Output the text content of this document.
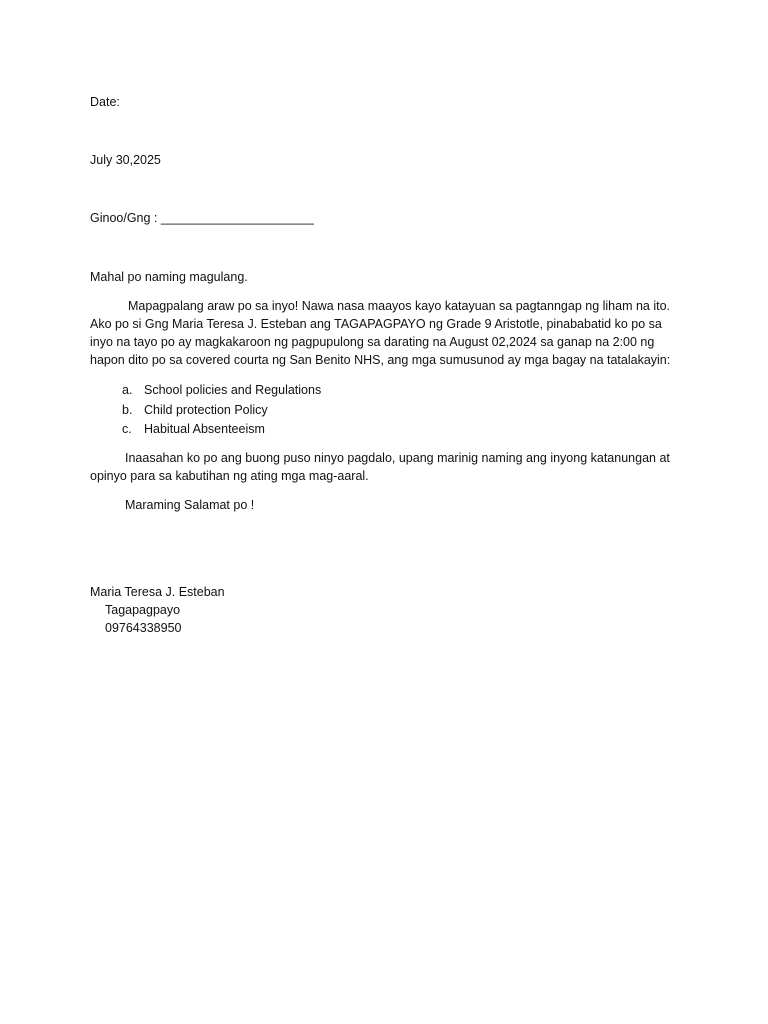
Date:
July 30,2025
Ginoo/Gng : ______________________
Mahal po naming magulang.
Mapagpalang araw po sa inyo! Nawa nasa maayos kayo katayuan sa pagtanngap ng liham na ito.
Ako po si Gng Maria Teresa J. Esteban ang TAGAPAGPAYO ng Grade 9 Aristotle, pinababatid ko po sa
inyo na tayo po ay magkakaroon ng pagpupulong sa darating na August 02,2024 sa ganap na 2:00 ng
hapon dito po sa covered courta ng San Benito NHS, ang mga sumusunod ay mga bagay na tatalakayin:
a. School policies and Regulations
b. Child protection Policy
c. Habitual Absenteeism
Inaasahan ko po ang buong puso ninyo pagdalo, upang marinig naming ang inyong katanungan at
opinyo para sa kabutihan ng ating mga mag-aaral.
Maraming Salamat po !
Maria Teresa J. Esteban
Tagapagpayo
09764338950
